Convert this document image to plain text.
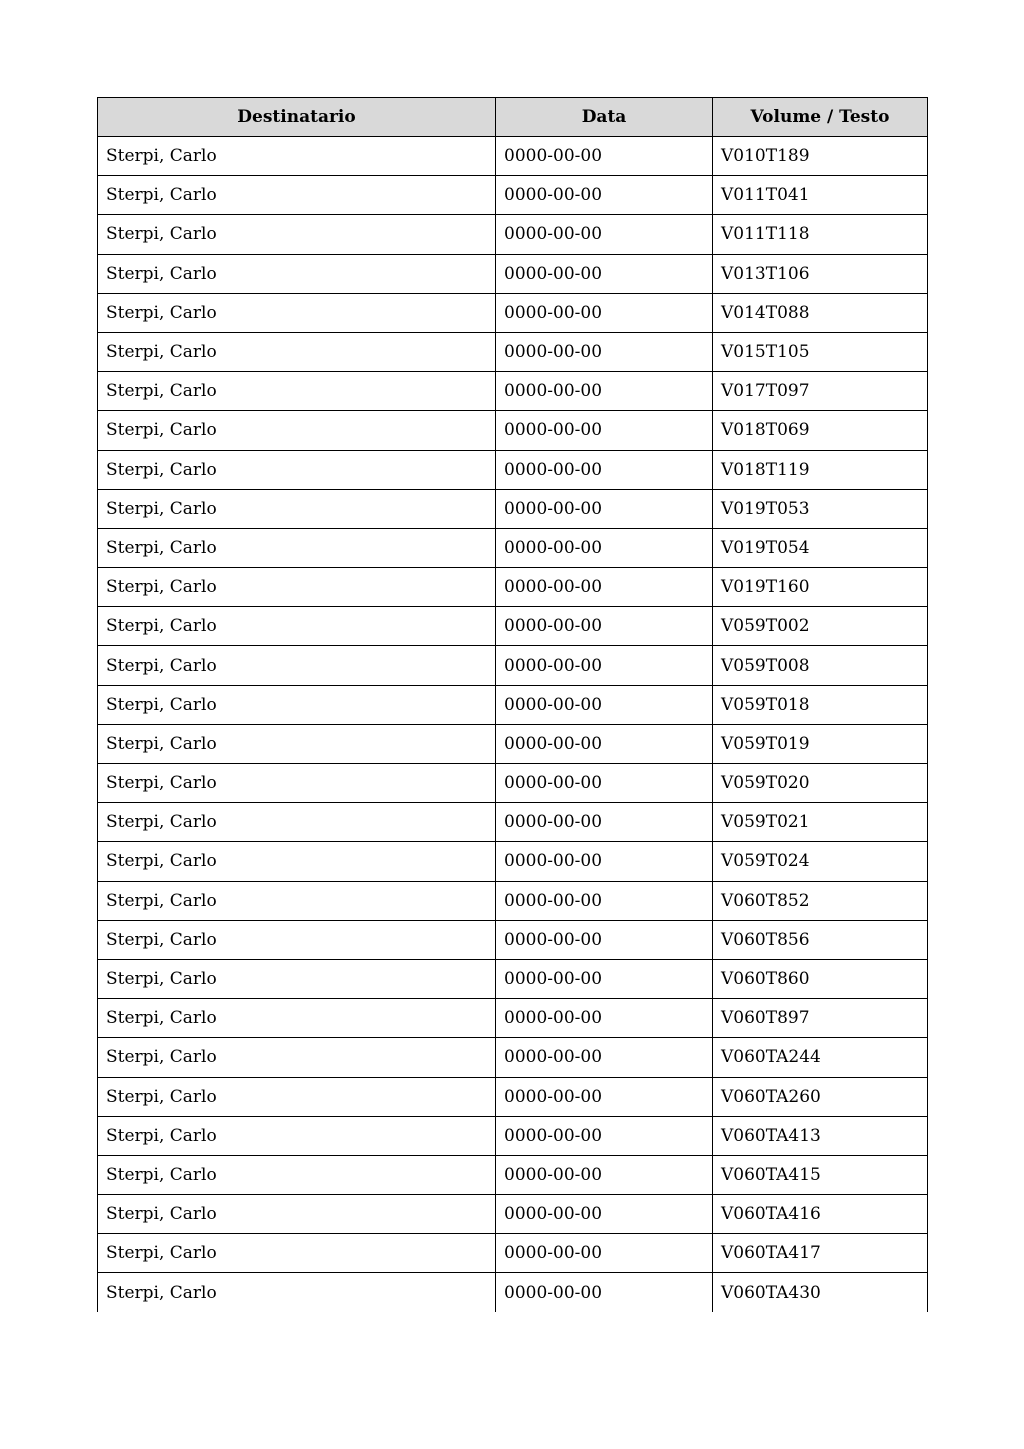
Destinatario	Data	Volume / Testo
Sterpi, Carlo	0000-00-00	V010T189
Sterpi, Carlo	0000-00-00	V011T041
Sterpi, Carlo	0000-00-00	V011T118
Sterpi, Carlo	0000-00-00	V013T106
Sterpi, Carlo	0000-00-00	V014T088
Sterpi, Carlo	0000-00-00	V015T105
Sterpi, Carlo	0000-00-00	V017T097
Sterpi, Carlo	0000-00-00	V018T069
Sterpi, Carlo	0000-00-00	V018T119
Sterpi, Carlo	0000-00-00	V019T053
Sterpi, Carlo	0000-00-00	V019T054
Sterpi, Carlo	0000-00-00	V019T160
Sterpi, Carlo	0000-00-00	V059T002
Sterpi, Carlo	0000-00-00	V059T008
Sterpi, Carlo	0000-00-00	V059T018
Sterpi, Carlo	0000-00-00	V059T019
Sterpi, Carlo	0000-00-00	V059T020
Sterpi, Carlo	0000-00-00	V059T021
Sterpi, Carlo	0000-00-00	V059T024
Sterpi, Carlo	0000-00-00	V060T852
Sterpi, Carlo	0000-00-00	V060T856
Sterpi, Carlo	0000-00-00	V060T860
Sterpi, Carlo	0000-00-00	V060T897
Sterpi, Carlo	0000-00-00	V060TA244
Sterpi, Carlo	0000-00-00	V060TA260
Sterpi, Carlo	0000-00-00	V060TA413
Sterpi, Carlo	0000-00-00	V060TA415
Sterpi, Carlo	0000-00-00	V060TA416
Sterpi, Carlo	0000-00-00	V060TA417
Sterpi, Carlo	0000-00-00	V060TA430
